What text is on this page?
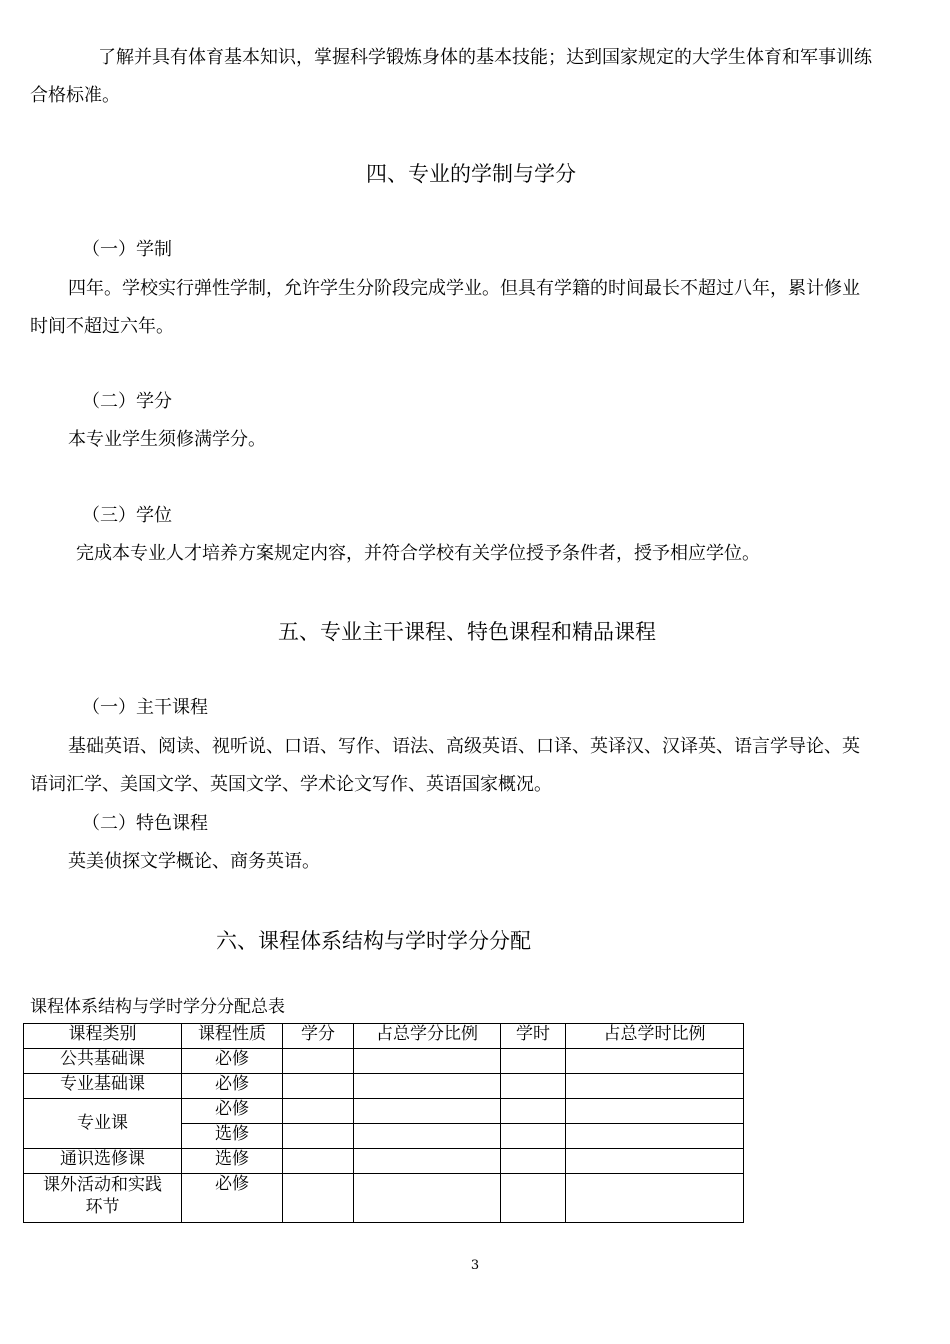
了解并具有体育基本知识，掌握科学锻炼身体的基本技能；达到国家规定的大学生体育和军事训练
合格标准。
四、专业的学制与学分
（一）学制
四年。学校实行弹性学制，允许学生分阶段完成学业。但具有学籍的时间最长不超过八年，累计修业
时间不超过六年。
（二）学分
本专业学生须修满学分。
（三）学位
完成本专业人才培养方案规定内容，并符合学校有关学位授予条件者，授予相应学位。
五、专业主干课程、特色课程和精品课程
（一）主干课程
基础英语、阅读、视听说、口语、写作、语法、高级英语、口译、英译汉、汉译英、语言学导论、英
语词汇学、美国文学、英国文学、学术论文写作、英语国家概况。
（二）特色课程
英美侦探文学概论、商务英语。
六、课程体系结构与学时学分分配
课程体系结构与学时学分分配总表
课程类别	课程性质	学分	占总学分比例	学时	占总学时比例
公共基础课	必修				
专业基础课	必修				
专业课	必修				
	选修				
通识选修课	选修				

课外活动和实践
环节	必修				
3
